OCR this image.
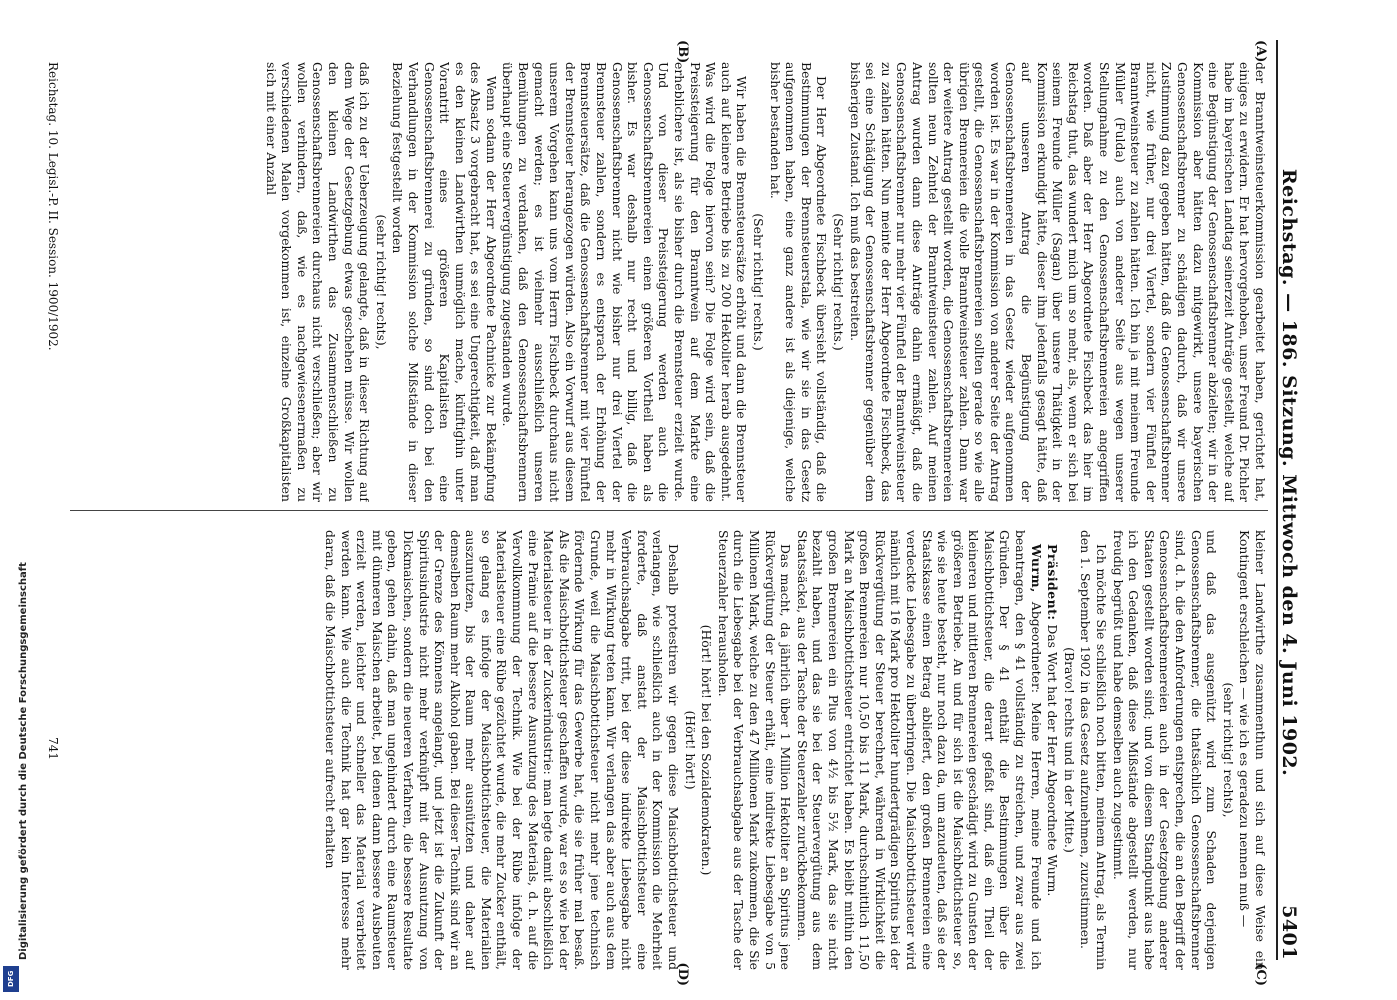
Reichstag. — 186. Sitzung. Mittwoch den 4. Juni 1902.
5401
(A)
(B)
(C)
(D)

der Branntweinsteuerkommission gearbeitet haben, gerichtet hat, einiges zu erwidern. Er hat hervorgehoben, unser Freund Dr. Pichler habe im bayerischen Landtag seinerzeit Anträge gestellt, welche auf eine Begünstigung der Genossenschaftsbrenner abzielten; wir in der Kommission aber hätten dazu mitgewirkt, unsere bayerischen Genossenschaftsbrenner zu schädigen dadurch, daß wir unsere Zustimmung dazu gegeben hätten, daß die Genossenschaftsbrenner nicht, wie früher, nur drei Viertel, sondern vier Fünftel der Branntweinsteuer zu zahlen hätten. Ich bin ja mit meinem Freunde Müller (Fulda) auch von anderer Seite aus wegen unserer Stellungnahme zu den Genossenschaftsbrennereien angegriffen worden. Daß aber der Herr Abgeordnete Fischbeck das hier im Reichstag thut, das wundert mich um so mehr, als, wenn er sich bei seinem Freunde Müller (Sagan) über unsere Thätigkeit in der Kommission erkundigt hätte, dieser ihm jedenfalls gesagt hätte, daß auf unseren Antrag die Begünstigung der Genossenschaftsbrennereien in das Gesetz wieder aufgenommen worden ist. Es war in der Kommission von anderer Seite der Antrag gestellt, die Genossenschaftsbrennereien sollten gerade so wie alle übrigen Brennereien die volle Branntweinsteuer zahlen. Dann war der weitere Antrag gestellt worden, die Genossenschaftsbrennereien sollten neun Zehntel der Branntweinsteuer zahlen. Auf meinen Antrag wurden dann diese Anträge dahin ermäßigt, daß die Genossenschaftsbrenner nur mehr vier Fünftel der Branntweinsteuer zu zahlen hätten. Nun meinte der Herr Abgeordnete Fischbeck, das sei eine Schädigung der Genossenschaftsbrenner gegenüber dem bisherigen Zustand. Ich muß das bestreiten.

(Sehr richtig! rechts.)

Der Herr Abgeordnete Fischbeck übersieht vollständig, daß die Bestimmungen der Brennsteuerstala, wie wir sie in das Gesetz aufgenommen haben, eine ganz andere ist als diejenige, welche bisher bestanden hat.

(Sehr richtig! rechts.)

Wir haben die Brennsteuersätze erhöht und dann die Brennsteuer auch auf kleinere Betriebe bis zu 200 Hektoliter herab ausgedehnt. Was wird die Folge hiervon sein? Die Folge wird sein, daß die Preissteigerung für den Branntwein auf dem Markte eine erheblichere ist, als sie bisher durch die Brennsteuer erzielt wurde. Und von dieser Preissteigerung werden auch die Genossenschaftsbrennereien einen größeren Vortheil haben als bisher. Es war deshalb nur recht und billig, daß die Genossenschaftsbrenner nicht wie bisher nur drei Viertel der Brennsteuer zahlen, sondern es entsprach der Erhöhung der Brennsteuersätze, daß die Genossenschaftsbrenner mit vier Fünftel der Brennsteuer herangezogen würden. Also ein Vorwurf aus diesem unserem Vorgehen kann uns vom Herrn Fischbeck durchaus nicht gemacht werden; es ist vielmehr ausschließlich unseren Bemühungen zu verdanken, daß den Genossenschaftsbrennern überhaupt eine Steuervergünstigung zugestanden wurde.

Wenn sodann der Herr Abgeordnete Pachnicke zur Bekämpfung des Absatz 3 vorgebracht hat, es sei eine Ungerechtigkeit, daß man es den kleinen Landwirthen unmöglich mache, künftighin unter Vorantritt eines größeren Kapitalisten eine Genossenschaftsbrennerei zu gründen, so sind doch bei den Verhandlungen in der Kommission solche Mißstände in dieser Beziehung festgestellt worden

(sehr richtig! rechts),

daß ich zu der Ueberzeugung gelangte, daß in dieser Richtung auf dem Wege der Gesetzgebung etwas geschehen müsse. Wir wollen den kleinen Landwirthen das Zusammenschließen zu Genossenschaftsbrennereien durchaus nicht verschließen; aber wir wollen verhindern, daß, wie es nachgewiesenermaßen zu verschiedenen Malen vorgekommen ist, einzelne Großkapitalisten sich mit einer Anzahl

kleiner Landwirthe zusammenthun und sich auf diese Weise ein Kontingent erschleichen — wie ich es geradezu nennen muß —

(sehr richtig! rechts),

und daß das ausgenützt wird zum Schaden derjenigen Genossenschaftsbrenner, die thatsächlich Genossenschaftsbrenner sind, d. h. die den Anforderungen entsprechen, die an den Begriff der Genossenschaftsbrennereien auch in der Gesetzgebung anderer Staaten gestellt worden sind; und von diesem Standpunkt aus habe ich den Gedanken, daß diese Mißstände abgestellt werden, nur freudig begrüßt und habe demselben auch zugestimmt.

Ich möchte Sie schließlich noch bitten, meinem Antrag, als Termin den 1. September 1902 in das Gesetz aufzunehmen, zuzustimmen.

(Bravo! rechts und in der Mitte.)

Präsident: Das Wort hat der Herr Abgeordnete Wurm.

Wurm, Abgeordneter: Meine Herren, meine Freunde und ich beantragen, den § 41 vollständig zu streichen, und zwar aus zwei Gründen. Der § 41 enthält die Bestimmungen über die Maischbottichsteuer, die derart gefaßt sind, daß ein Theil der kleineren und mittleren Brennereien geschädigt wird zu Gunsten der größeren Betriebe. An und für sich ist die Maischbottichsteuer so, wie sie heute besteht, nur noch dazu da, um anzudeuten, daß sie der Staatskasse einen Betrag abliefert, den großen Brennereien eine verdeckte Liebesgabe zu überbringen. Die Maischbottichsteuer wird nämlich mit 16 Mark pro Hektoliter hundertgrädigen Spiritus bei der Rückvergütung der Steuer berechnet, während in Wirklichkeit die großen Brennereien nur 10,50 bis 11 Mark, durchschnittlich 11,50 Mark an Maischbottichsteuer entrichtet haben. Es bleibt mithin den großen Brennereien ein Plus von 4½ bis 5½ Mark, das sie nicht bezahlt haben, und das sie bei der Steuervergütung aus dem Staatssäckel, aus der Tasche der Steuerzahler zurückbekommen.

Das macht, da jährlich über 1 Million Hektoliter an Spiritus jene Rückvergütung der Steuer erhält, eine indirekte Liebesgabe von 5 Millionen Mark, welche zu den 47 Millionen Mark zukommen, die Sie durch die Liebesgabe bei der Verbrauchsabgabe aus der Tasche der Steuerzahler herausholen.

(Hört! hört! bei den Sozialdemokraten.)

(Hört! hört!)

Deshalb protestiren wir gegen diese Maischbottichsteuer und verlangen, wie schließlich auch in der Kommission die Mehrheit forderte, daß anstatt der Maischbottichsteuer eine Verbrauchsabgabe tritt, bei der diese indirekte Liebesgabe nicht mehr in Wirkung treten kann. Wir verlangen das aber auch aus dem Grunde, weil die Maischbottichsteuer nicht mehr jene technisch fördernde Wirkung für das Gewerbe hat, die sie früher mal besaß. Als die Maischbottichsteuer geschaffen wurde, war es so wie bei der Materialsteuer in der Zuckerindustrie: man legte damit abschließlich eine Prämie auf die bessere Ausnutzung des Materials, d. h. auf die Vervollkommnung der Technik. Wie bei der Rübe infolge der Materialsteuer eine Rübe gezüchtet wurde, die mehr Zucker enthält, so gelang es infolge der Maischbottichsteuer, die Materialien auszunutzen, bis der Raum mehr ausnützten und daher auf demselben Raum mehr Alkohol gaben. Bei dieser Technik sind wir an der Grenze des Könnens angelangt, und jetzt ist die Zukunft der Spiritusindustrie nicht mehr verknüpft mit der Ausnutzung von Dickmaischen, sondern die neueren Verfahren, die bessere Resultate geben, gehen dahin, daß man ungehindert durch eine Raumsteuer mit dünneren Maischen arbeitet, bei denen dann bessere Ausbeuten erzielt werden, leichter und schneller das Material verarbeitet werden kann. Wie auch die Technik hat gar kein Interesse mehr daran, daß die Maischbottichsteuer aufrecht erhalten

Reichstag. 10. Legisl.-P. II. Session. 1900/1902.
741
Digitalisierung gefördert durch die Deutsche Forschungsgemeinschaft
DFG
